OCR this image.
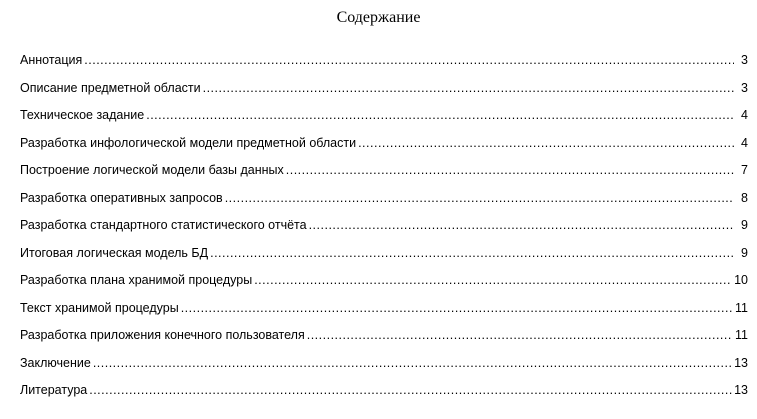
Содержание
Аннотация .....	3
Описание предметной области .....	3
Техническое задание .....	4
Разработка инфологической модели предметной области .....	4
Построение логической модели базы данных .....	7
Разработка оперативных запросов .....	8
Разработка стандартного статистического отчёта .....	9
Итоговая логическая модель БД .....	9
Разработка плана хранимой процедуры .....	10
Текст хранимой процедуры .....	11
Разработка приложения конечного пользователя .....	11
Заключение .....	13
Литература .....	13
